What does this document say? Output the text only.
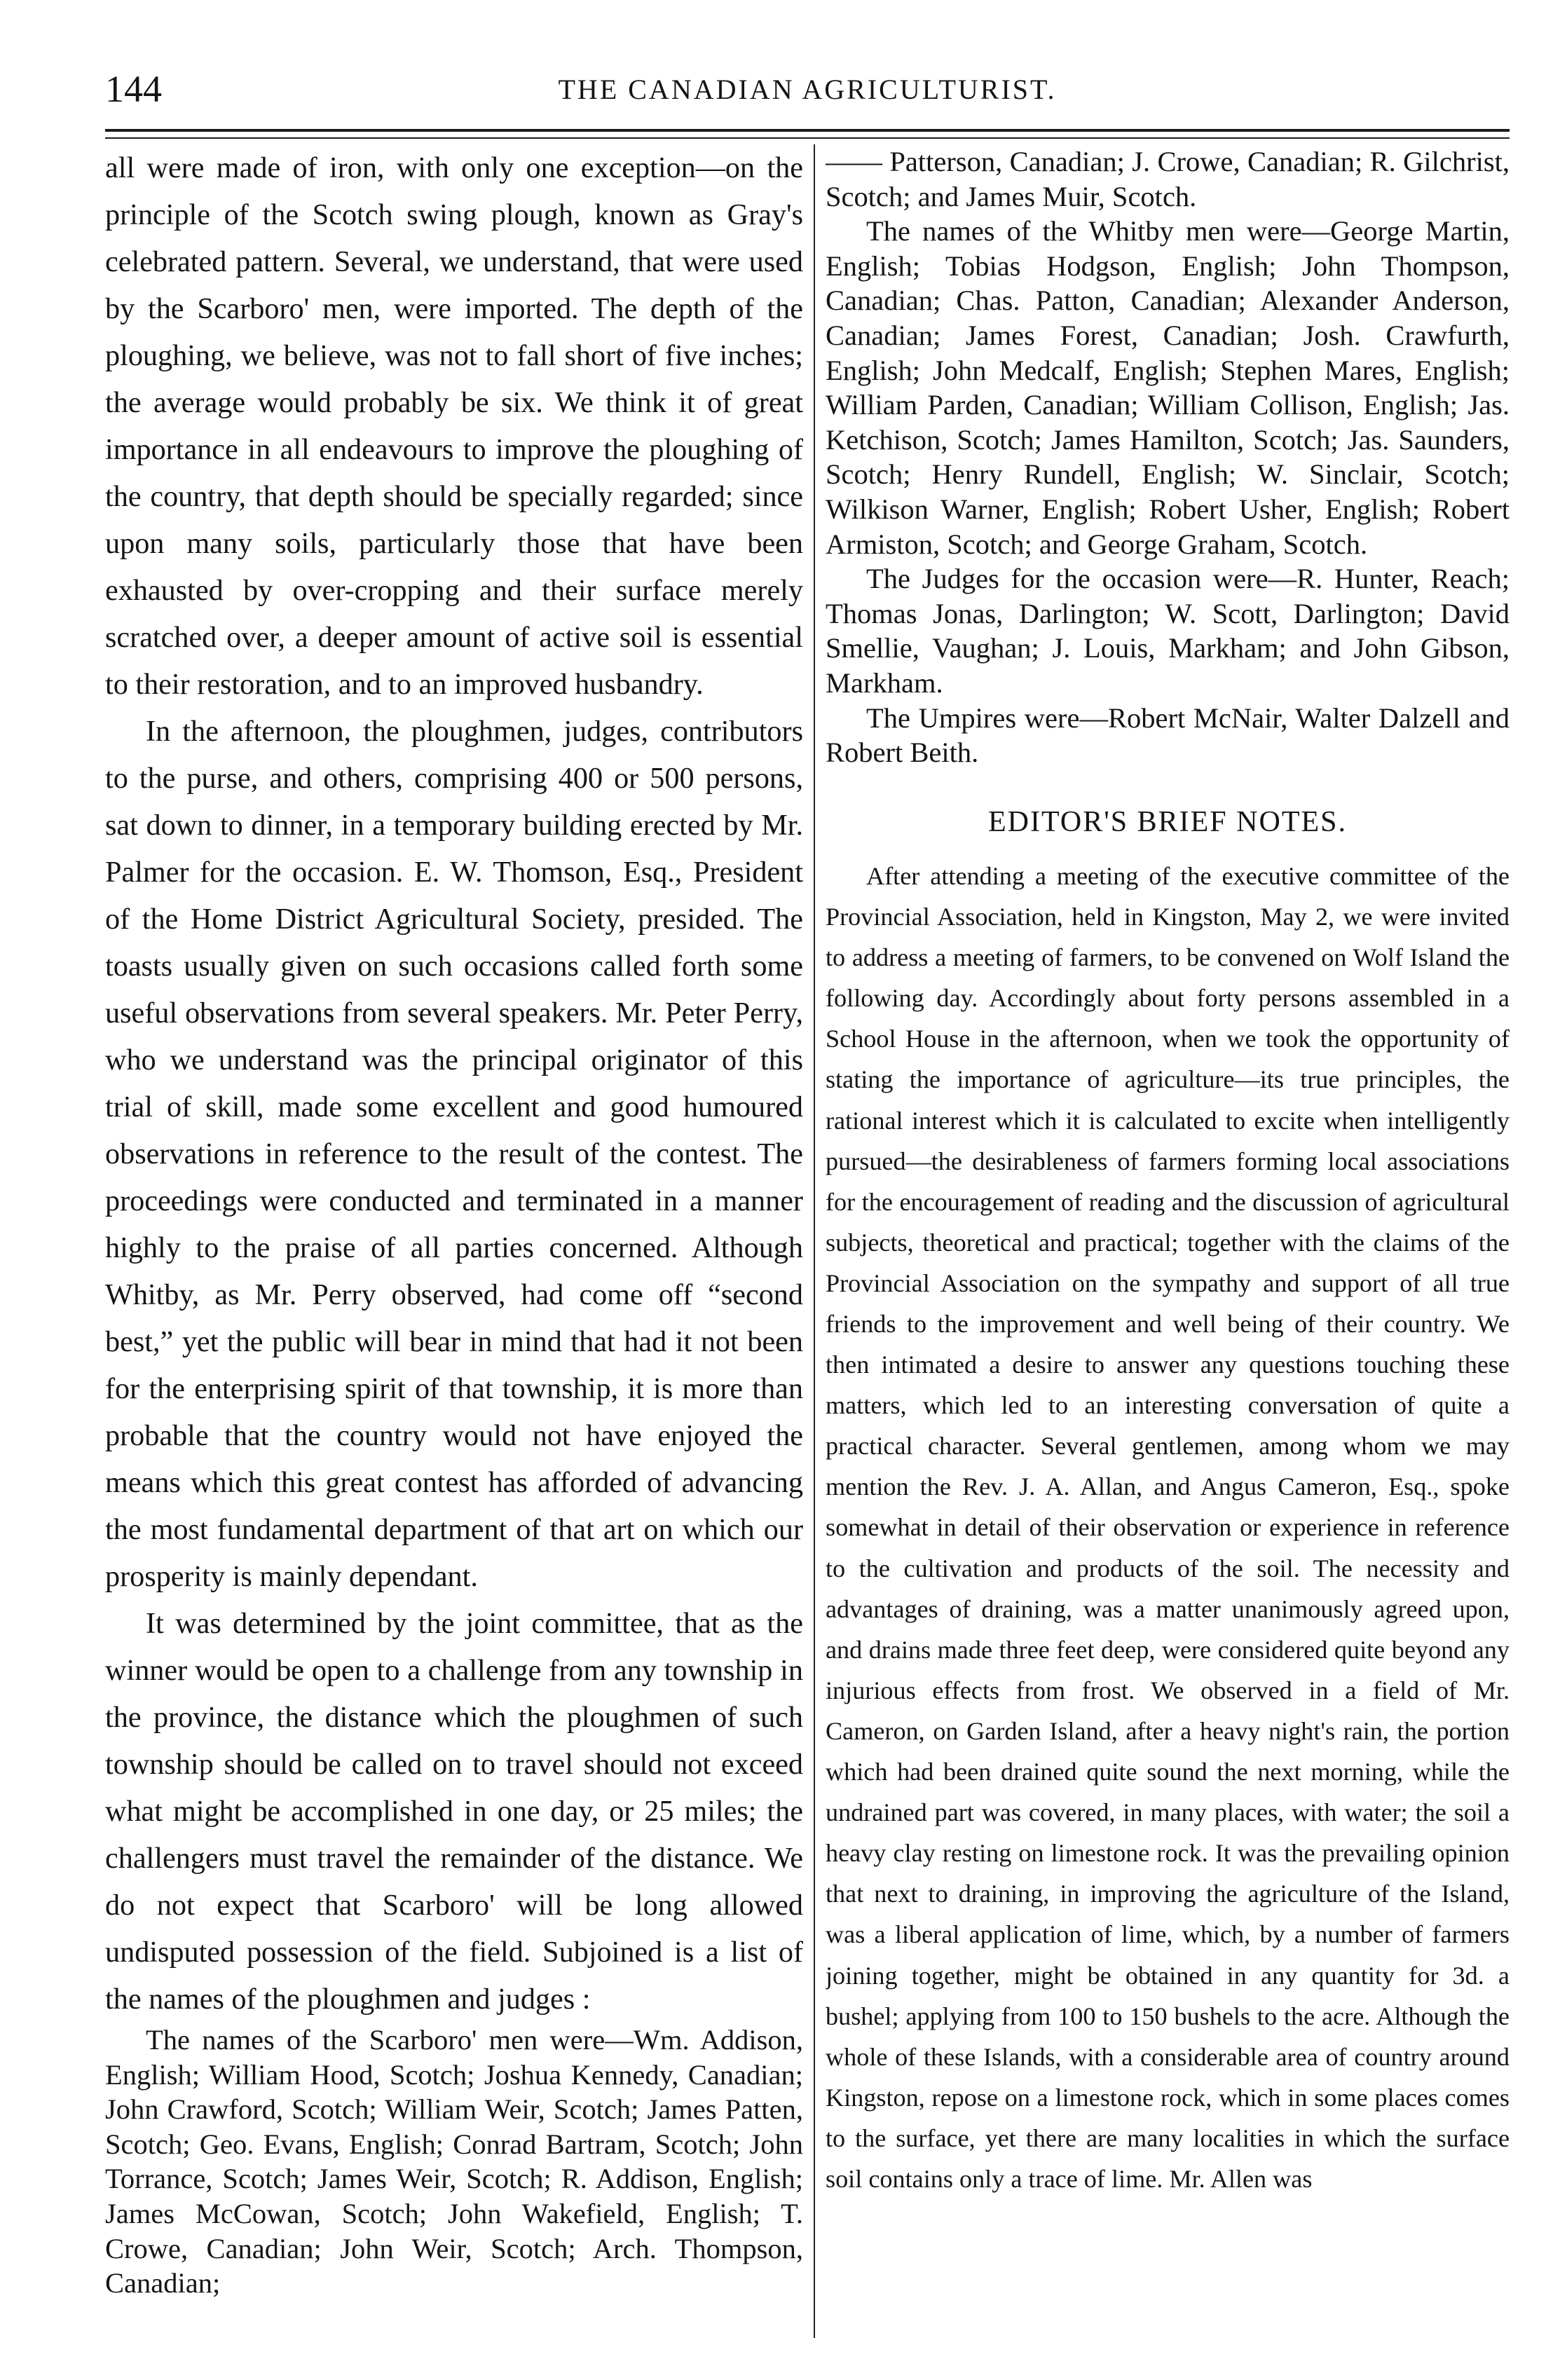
144	THE CANADIAN AGRICULTURIST.

all were made of iron, with only one exception—on the principle of the Scotch swing plough, known as Gray's celebrated pattern. Several, we understand, that were used by the Scarboro' men, were imported. The depth of the ploughing, we believe, was not to fall short of five inches; the average would probably be six. We think it of great importance in all endeavours to improve the ploughing of the country, that depth should be specially regarded; since upon many soils, particularly those that have been exhausted by over-cropping and their surface merely scratched over, a deeper amount of active soil is essential to their restoration, and to an improved husbandry.

In the afternoon, the ploughmen, judges, contributors to the purse, and others, comprising 400 or 500 persons, sat down to dinner, in a temporary building erected by Mr. Palmer for the occasion. E. W. Thomson, Esq., President of the Home District Agricultural Society, presided. The toasts usually given on such occasions called forth some useful observations from several speakers. Mr. Peter Perry, who we understand was the principal originator of this trial of skill, made some excellent and good humoured observations in reference to the result of the contest. The proceedings were conducted and terminated in a manner highly to the praise of all parties concerned. Although Whitby, as Mr. Perry observed, had come off “second best,” yet the public will bear in mind that had it not been for the enterprising spirit of that township, it is more than probable that the country would not have enjoyed the means which this great contest has afforded of advancing the most fundamental department of that art on which our prosperity is mainly dependant.

It was determined by the joint committee, that as the winner would be open to a challenge from any township in the province, the distance which the ploughmen of such township should be called on to travel should not exceed what might be accomplished in one day, or 25 miles; the challengers must travel the remainder of the distance. We do not expect that Scarboro' will be long allowed undisputed possession of the field. Subjoined is a list of the names of the ploughmen and judges :

The names of the Scarboro' men were—Wm. Addison, English; William Hood, Scotch; Joshua Kennedy, Canadian; John Crawford, Scotch; William Weir, Scotch; James Patten, Scotch; Geo. Evans, English; Conrad Bartram, Scotch; John Torrance, Scotch; James Weir, Scotch; R. Addison, English; James McCowan, Scotch; John Wakefield, English; T. Crowe, Canadian; John Weir, Scotch; Arch. Thompson, Canadian;

—— Patterson, Canadian; J. Crowe, Canadian; R. Gilchrist, Scotch; and James Muir, Scotch.

The names of the Whitby men were—George Martin, English; Tobias Hodgson, English; John Thompson, Canadian; Chas. Patton, Canadian; Alexander Anderson, Canadian; James Forest, Canadian; Josh. Crawfurth, English; John Medcalf, English; Stephen Mares, English; William Parden, Canadian; William Collison, English; Jas. Ketchison, Scotch; James Hamilton, Scotch; Jas. Saunders, Scotch; Henry Rundell, English; W. Sinclair, Scotch; Wilkison Warner, English; Robert Usher, English; Robert Armiston, Scotch; and George Graham, Scotch.

The Judges for the occasion were—R. Hunter, Reach; Thomas Jonas, Darlington; W. Scott, Darlington; David Smellie, Vaughan; J. Louis, Markham; and John Gibson, Markham.

The Umpires were—Robert McNair, Walter Dalzell and Robert Beith.

EDITOR'S BRIEF NOTES.

After attending a meeting of the executive committee of the Provincial Association, held in Kingston, May 2, we were invited to address a meeting of farmers, to be convened on Wolf Island the following day. Accordingly about forty persons assembled in a School House in the afternoon, when we took the opportunity of stating the importance of agriculture—its true principles, the rational interest which it is calculated to excite when intelligently pursued—the desirableness of farmers forming local associations for the encouragement of reading and the discussion of agricultural subjects, theoretical and practical; together with the claims of the Provincial Association on the sympathy and support of all true friends to the improvement and well being of their country. We then intimated a desire to answer any questions touching these matters, which led to an interesting conversation of quite a practical character. Several gentlemen, among whom we may mention the Rev. J. A. Allan, and Angus Cameron, Esq., spoke somewhat in detail of their observation or experience in reference to the cultivation and products of the soil. The necessity and advantages of draining, was a matter unanimously agreed upon, and drains made three feet deep, were considered quite beyond any injurious effects from frost. We observed in a field of Mr. Cameron, on Garden Island, after a heavy night's rain, the portion which had been drained quite sound the next morning, while the undrained part was covered, in many places, with water; the soil a heavy clay resting on limestone rock. It was the prevailing opinion that next to draining, in improving the agriculture of the Island, was a liberal application of lime, which, by a number of farmers joining together, might be obtained in any quantity for 3d. a bushel; applying from 100 to 150 bushels to the acre. Although the whole of these Islands, with a considerable area of country around Kingston, repose on a limestone rock, which in some places comes to the surface, yet there are many localities in which the surface soil contains only a trace of lime. Mr. Allen was
